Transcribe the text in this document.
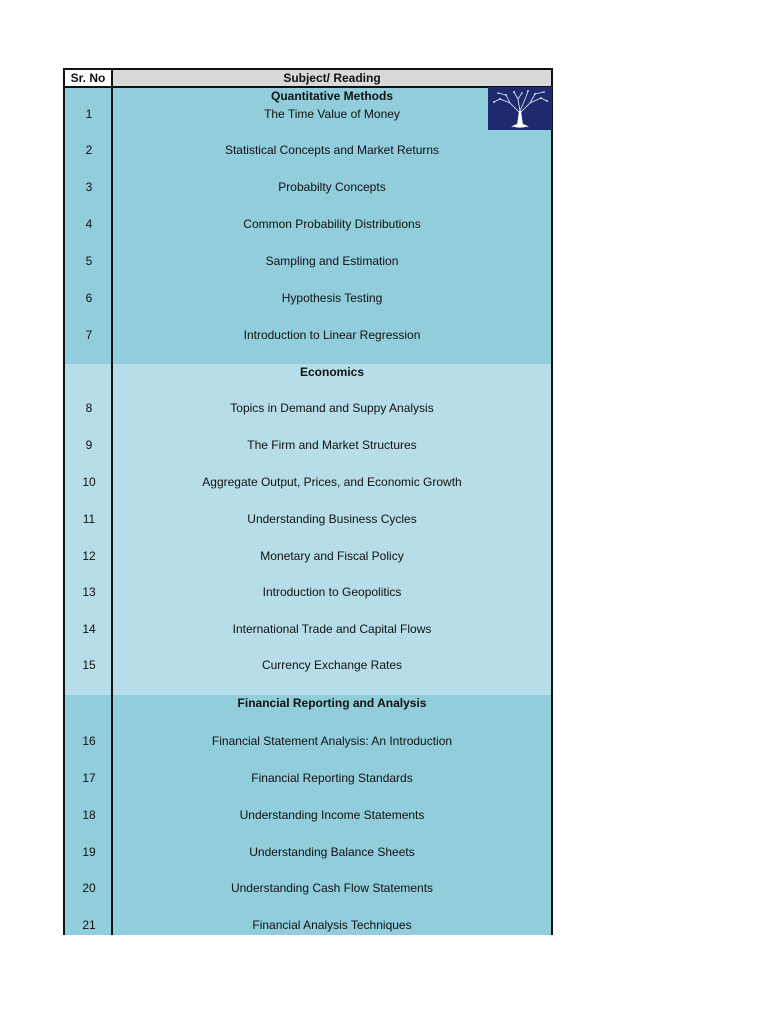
Sr. No	Subject/ Reading
Quantitative Methods
Economics
Financial Reporting and Analysis
1	The Time Value of Money
2	Statistical Concepts and Market Returns
3	Probabilty Concepts
4	Common Probability Distributions
5	Sampling and Estimation
6	Hypothesis Testing
7	Introduction to Linear Regression
8	Topics in Demand and Suppy Analysis
9	The Firm and Market Structures
10	Aggregate Output, Prices, and Economic Growth
11	Understanding Business Cycles
12	Monetary and Fiscal Policy
13	Introduction to Geopolitics
14	International Trade and Capital Flows
15	Currency Exchange Rates
16	Financial Statement Analysis: An Introduction
17	Financial Reporting Standards
18	Understanding Income Statements
19	Understanding Balance Sheets
20	Understanding Cash Flow Statements
21	Financial Analysis Techniques
